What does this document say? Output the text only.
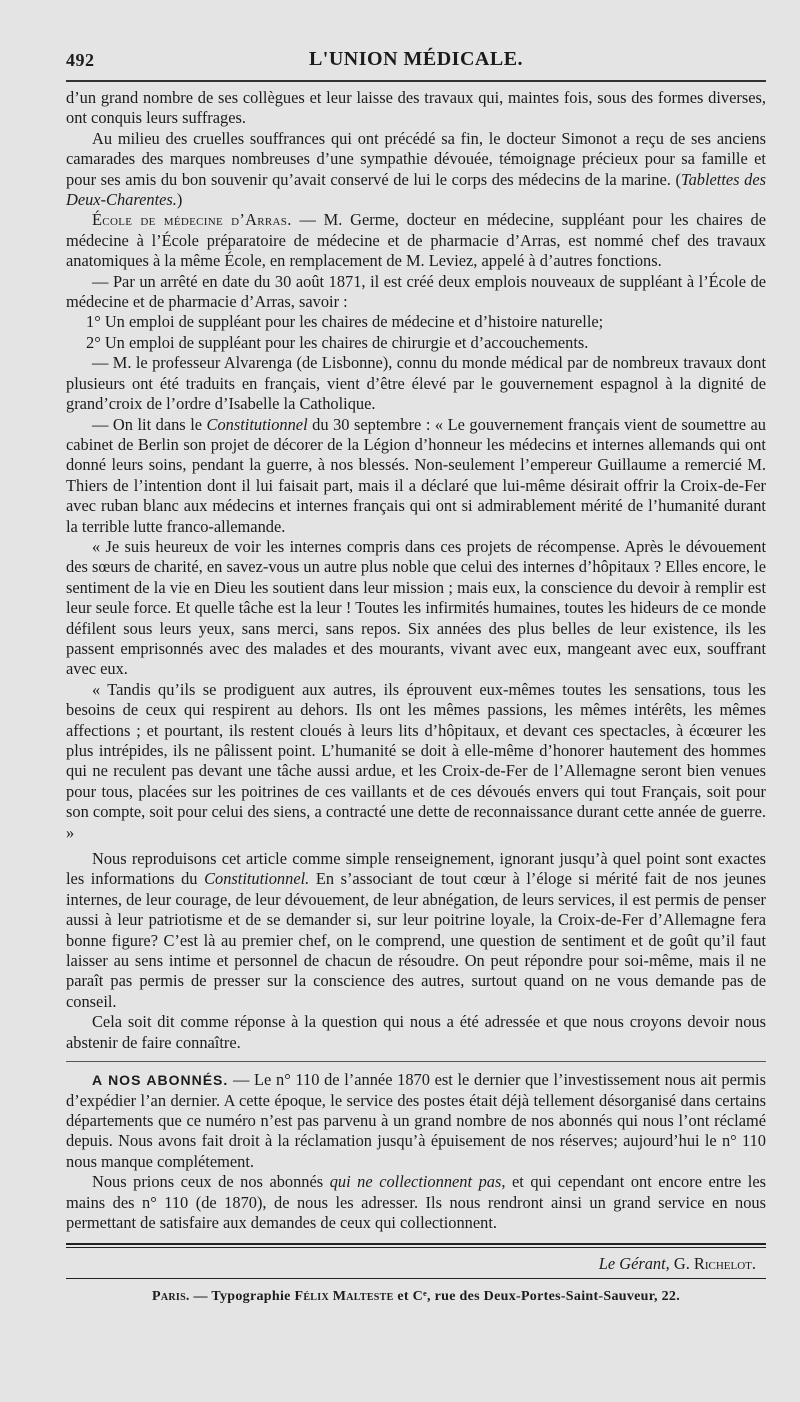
492	L'UNION MÉDICALE.

d’un grand nombre de ses collègues et leur laisse des travaux qui, maintes fois, sous des formes diverses, ont conquis leurs suffrages.

Au milieu des cruelles souffrances qui ont précédé sa fin, le docteur Simonot a reçu de ses anciens camarades des marques nombreuses d’une sympathie dévouée, témoignage précieux pour sa famille et pour ses amis du bon souvenir qu’avait conservé de lui le corps des médecins de la marine. (Tablettes des Deux-Charentes.)

École de médecine d’Arras. — M. Germe, docteur en médecine, suppléant pour les chaires de médecine à l’École préparatoire de médecine et de pharmacie d’Arras, est nommé chef des travaux anatomiques à la même École, en remplacement de M. Leviez, appelé à d’autres fonctions.

— Par un arrêté en date du 30 août 1871, il est créé deux emplois nouveaux de suppléant à l’École de médecine et de pharmacie d’Arras, savoir :

1° Un emploi de suppléant pour les chaires de médecine et d’histoire naturelle;

2° Un emploi de suppléant pour les chaires de chirurgie et d’accouchements.

— M. le professeur Alvarenga (de Lisbonne), connu du monde médical par de nombreux travaux dont plusieurs ont été traduits en français, vient d’être élevé par le gouvernement espagnol à la dignité de grand’croix de l’ordre d’Isabelle la Catholique.

— On lit dans le Constitutionnel du 30 septembre : « Le gouvernement français vient de soumettre au cabinet de Berlin son projet de décorer de la Légion d’honneur les médecins et internes allemands qui ont donné leurs soins, pendant la guerre, à nos blessés. Non-seulement l’empereur Guillaume a remercié M. Thiers de l’intention dont il lui faisait part, mais il a déclaré que lui-même désirait offrir la Croix-de-Fer avec ruban blanc aux médecins et internes français qui ont si admirablement mérité de l’humanité durant la terrible lutte franco-allemande.

« Je suis heureux de voir les internes compris dans ces projets de récompense. Après le dévouement des sœurs de charité, en savez-vous un autre plus noble que celui des internes d’hôpitaux ? Elles encore, le sentiment de la vie en Dieu les soutient dans leur mission ; mais eux, la conscience du devoir à remplir est leur seule force. Et quelle tâche est la leur ! Toutes les infirmités humaines, toutes les hideurs de ce monde défilent sous leurs yeux, sans merci, sans repos. Six années des plus belles de leur existence, ils les passent emprisonnés avec des malades et des mourants, vivant avec eux, mangeant avec eux, souffrant avec eux.

« Tandis qu’ils se prodiguent aux autres, ils éprouvent eux-mêmes toutes les sensations, tous les besoins de ceux qui respirent au dehors. Ils ont les mêmes passions, les mêmes intérêts, les mêmes affections ; et pourtant, ils restent cloués à leurs lits d’hôpitaux, et devant ces spectacles, à écœurer les plus intrépides, ils ne pâlissent point. L’humanité se doit à elle-même d’honorer hautement des hommes qui ne reculent pas devant une tâche aussi ardue, et les Croix-de-Fer de l’Allemagne seront bien venues pour tous, placées sur les poitrines de ces vaillants et de ces dévoués envers qui tout Français, soit pour son compte, soit pour celui des siens, a contracté une dette de reconnaissance durant cette année de guerre. »

Nous reproduisons cet article comme simple renseignement, ignorant jusqu’à quel point sont exactes les informations du Constitutionnel. En s’associant de tout cœur à l’éloge si mérité fait de nos jeunes internes, de leur courage, de leur dévouement, de leur abnégation, de leurs services, il est permis de penser aussi à leur patriotisme et de se demander si, sur leur poitrine loyale, la Croix-de-Fer d’Allemagne fera bonne figure? C’est là au premier chef, on le comprend, une question de sentiment et de goût qu’il faut laisser au sens intime et personnel de chacun de résoudre. On peut répondre pour soi-même, mais il ne paraît pas permis de presser sur la conscience des autres, surtout quand on ne vous demande pas de conseil.

Cela soit dit comme réponse à la question qui nous a été adressée et que nous croyons devoir nous abstenir de faire connaître.

A NOS ABONNÉS. — Le n° 110 de l’année 1870 est le dernier que l’investissement nous ait permis d’expédier l’an dernier. A cette époque, le service des postes était déjà tellement désorganisé dans certains départements que ce numéro n’est pas parvenu à un grand nombre de nos abonnés qui nous l’ont réclamé depuis. Nous avons fait droit à la réclamation jusqu’à épuisement de nos réserves; aujourd’hui le n° 110 nous manque complétement.

Nous prions ceux de nos abonnés qui ne collectionnent pas, et qui cependant ont encore entre les mains des n° 110 (de 1870), de nous les adresser. Ils nous rendront ainsi un grand service en nous permettant de satisfaire aux demandes de ceux qui collectionnent.

Le Gérant, G. Richelot.
Paris. — Typographie Félix Malteste et Cᵉ, rue des Deux-Portes-Saint-Sauveur, 22.
